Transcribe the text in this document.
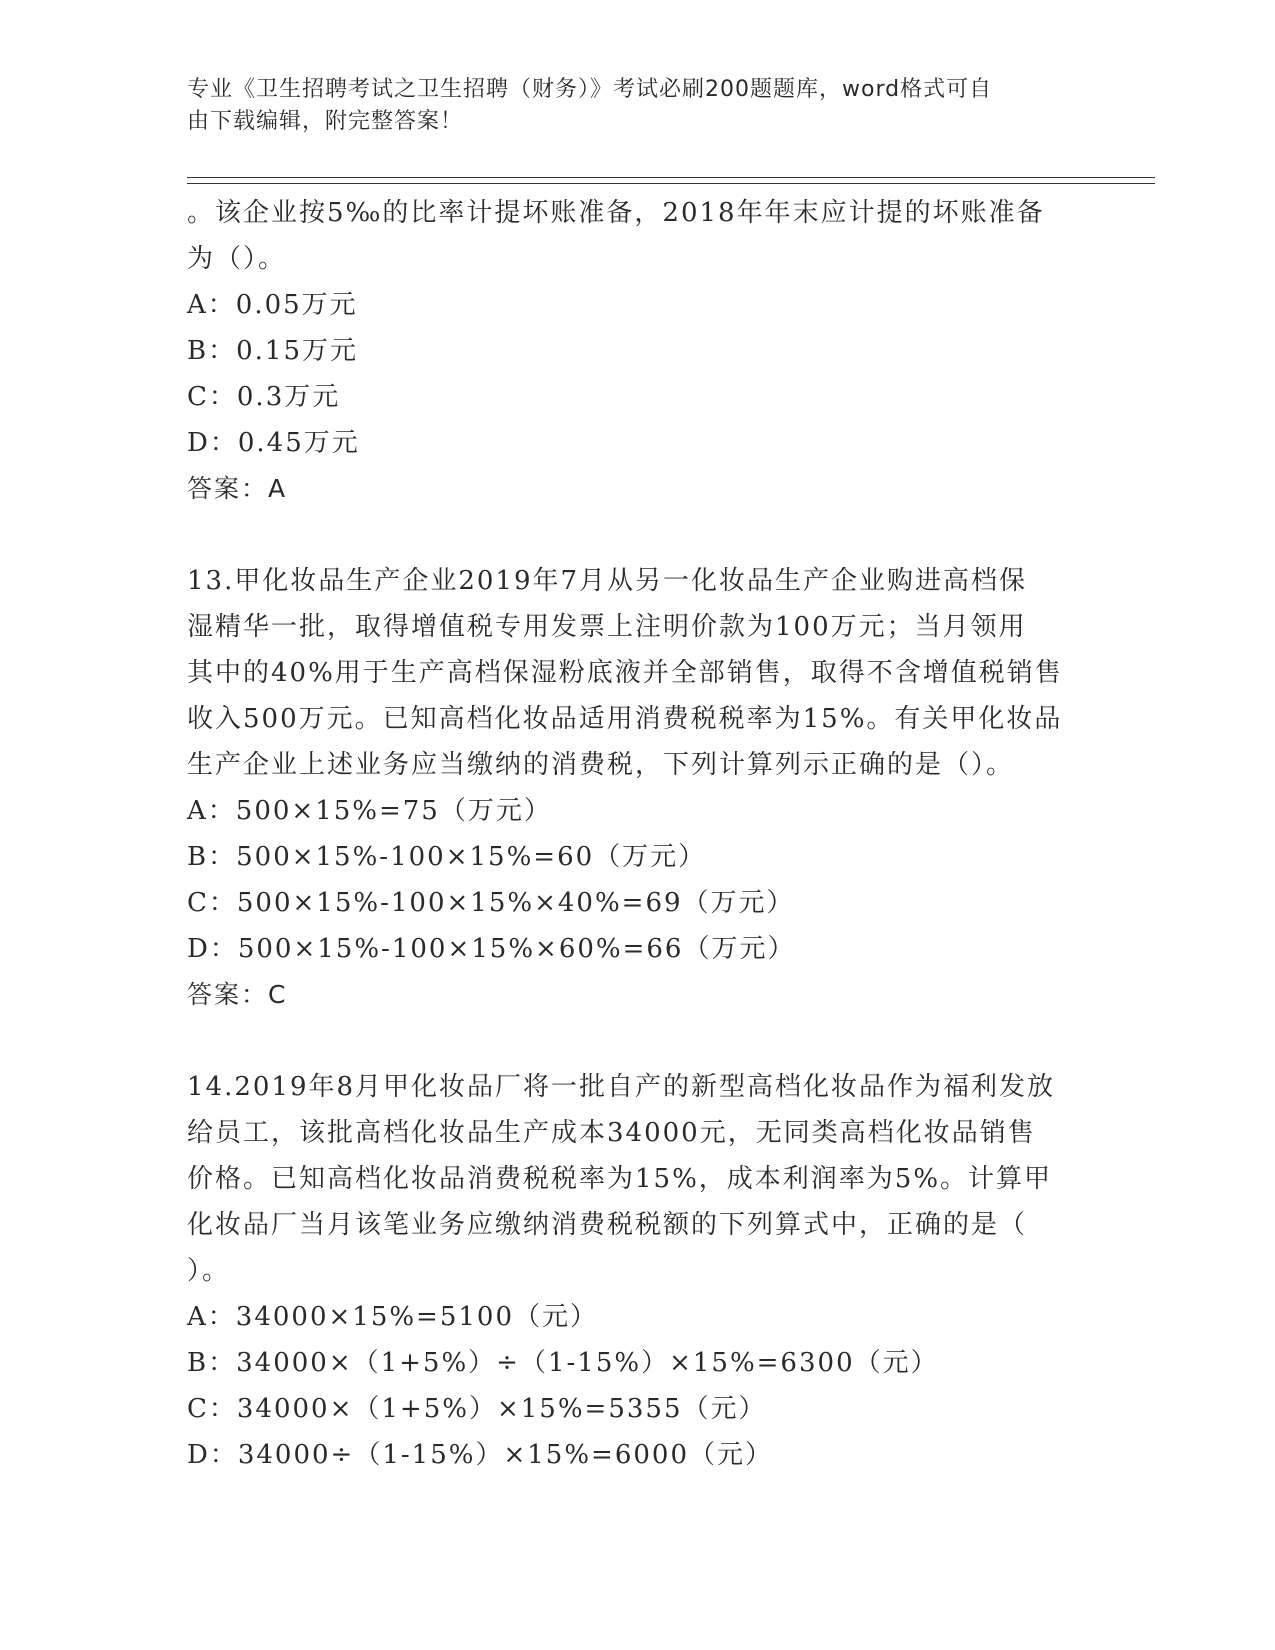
专业《卫生招聘考试之卫生招聘（财务）》考试必刷200题题库，word格式可自
由下载编辑，附完整答案！

。该企业按5‰的比率计提坏账准备，2018年年末应计提的坏账准备

为（）。

A：0.05万元

B：0.15万元

C：0.3万元

D：0.45万元

答案：A

13.甲化妆品生产企业2019年7月从另一化妆品生产企业购进高档保

湿精华一批，取得增值税专用发票上注明价款为100万元；当月领用

其中的40%用于生产高档保湿粉底液并全部销售，取得不含增值税销售

收入500万元。已知高档化妆品适用消费税税率为15%。有关甲化妆品

生产企业上述业务应当缴纳的消费税，下列计算列示正确的是（）。

A：500×15%=75（万元）

B：500×15%-100×15%=60（万元）

C：500×15%-100×15%×40%=69（万元）

D：500×15%-100×15%×60%=66（万元）

答案：C

14.2019年8月甲化妆品厂将一批自产的新型高档化妆品作为福利发放

给员工，该批高档化妆品生产成本34000元，无同类高档化妆品销售

价格。已知高档化妆品消费税税率为15%，成本利润率为5%。计算甲

化妆品厂当月该笔业务应缴纳消费税税额的下列算式中，正确的是（

）。

A：34000×15%=5100（元）

B：34000×（1+5%）÷（1-15%）×15%=6300（元）

C：34000×（1+5%）×15%=5355（元）

D：34000÷（1-15%）×15%=6000（元）
